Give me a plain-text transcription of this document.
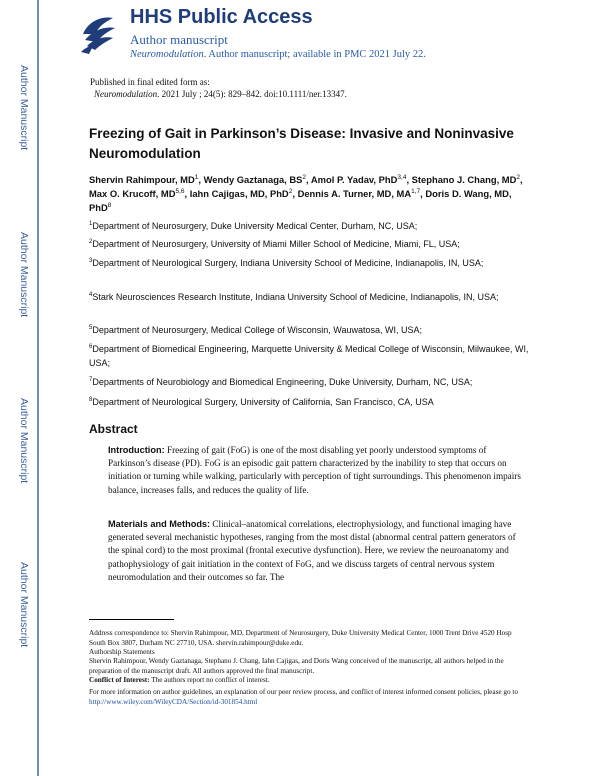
Author Manuscript
Author Manuscript
Author Manuscript
Author Manuscript
HHS Public Access
Author manuscript
Neuromodulation. Author manuscript; available in PMC 2021 July 22.
Published in final edited form as:
Neuromodulation. 2021 July ; 24(5): 829–842. doi:10.1111/ner.13347.
Freezing of Gait in Parkinson’s Disease: Invasive and Noninvasive Neuromodulation
Shervin Rahimpour, $MD^1$, Wendy Gaztanaga, $BS^2$, Amol P. Yadav, PhD$^{3,4}$, Stephano J. Chang, $MD^2$, Max O. Krucoff, MD$^{5,6}$, Iahn Cajigas, MD, PhD$^2$, Dennis A. Turner, MD, MA$^{1,7}$, Doris D. Wang, MD, PhD$^8$
$^1$Department of Neurosurgery, Duke University Medical Center, Durham, NC, USA;
$^2$Department of Neurosurgery, University of Miami Miller School of Medicine, Miami, FL, USA;
$^3$Department of Neurological Surgery, Indiana University School of Medicine, Indianapolis, IN, USA;
$^4$Stark Neurosciences Research Institute, Indiana University School of Medicine, Indianapolis, IN, USA;
$^5$Department of Neurosurgery, Medical College of Wisconsin, Wauwatosa, WI, USA;
$^6$Department of Biomedical Engineering, Marquette University & Medical College of Wisconsin, Milwaukee, WI, USA;
$^7$Departments of Neurobiology and Biomedical Engineering, Duke University, Durham, NC, USA;
$^8$Department of Neurological Surgery, University of California, San Francisco, CA, USA
Abstract
Introduction: Freezing of gait (FoG) is one of the most disabling yet poorly understood symptoms of Parkinson’s disease (PD). FoG is an episodic gait pattern characterized by the inability to step that occurs on initiation or turning while walking, particularly with perception of tight surroundings. This phenomenon impairs balance, increases falls, and reduces the quality of life.
Materials and Methods: Clinical–anatomical correlations, electrophysiology, and functional imaging have generated several mechanistic hypotheses, ranging from the most distal (abnormal central pattern generators of the spinal cord) to the most proximal (frontal executive dysfunction). Here, we review the neuroanatomy and pathophysiology of gait initiation in the context of FoG, and we discuss targets of central nervous system neuromodulation and their outcomes so far. The
Address correspondence to: Shervin Rahimpour, MD, Department of Neurosurgery, Duke University Medical Center, 1000 Trent Drive 4520 Hosp South Box 3807, Durham NC 27710, USA. shervin.rahimpour@duke.edu.
Authorship Statements
Shervin Rahimpour, Wendy Gaztanaga, Stephano J. Chang, Iahn Cajigas, and Doris Wang conceived of the manuscript, all authors helped in the preparation of the manuscript draft. All authors approved the final manuscript.
Conflict of Interest: The authors report no conflict of interest.
For more information on author guidelines, an explanation of our peer review process, and conflict of interest informed consent policies, please go to http://www.wiley.com/WileyCDA/Section/id-301854.html
